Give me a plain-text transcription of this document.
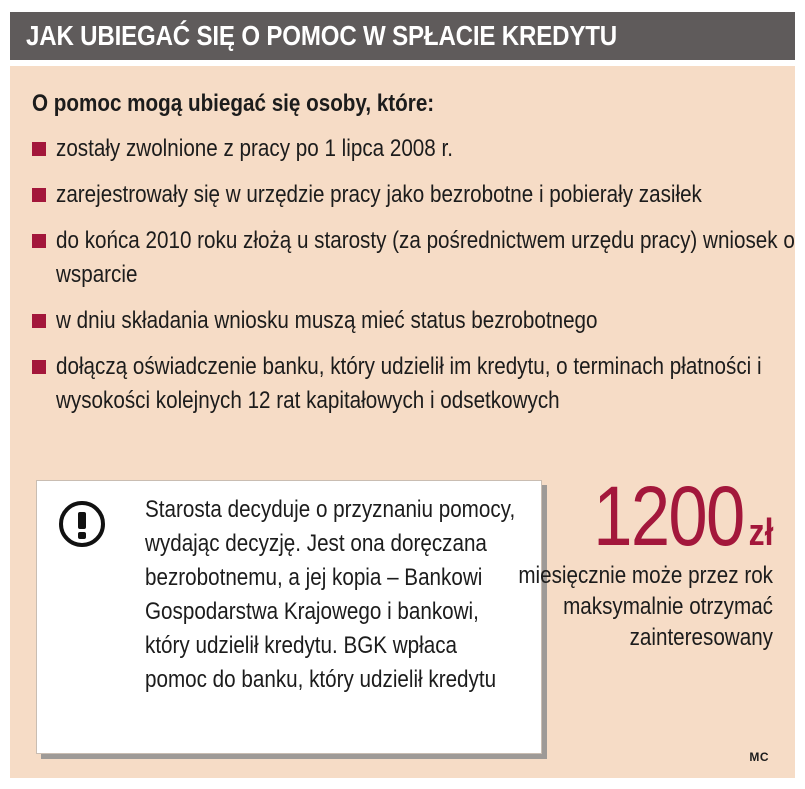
JAK UBIEGAĆ SIĘ O POMOC W SPŁACIE KREDYTU
O pomoc mogą ubiegać się osoby, które:
zostały zwolnione z pracy po 1 lipca 2008 r.
zarejestrowały się w urzędzie pracy jako bezrobotne i pobierały zasiłek
do końca 2010 roku złożą u starosty (za pośrednictwem urzędu pracy) wniosek o wsparcie
w dniu składania wniosku muszą mieć status bezrobotnego
dołączą oświadczenie banku, który udzielił im kredytu, o terminach płatności i wysokości kolejnych 12 rat kapitałowych i odsetkowych
Starosta decyduje o przyznaniu pomocy, wydając decyzję. Jest ona doręczana bezrobotnemu, a jej kopia – Bankowi Gospodarstwa Krajowego i bankowi, który udzielił kredytu. BGK wpłaca pomoc do banku, który udzielił kredytu
1200 zł
miesięcznie może przez rok maksymalnie otrzymać zainteresowany
MC
